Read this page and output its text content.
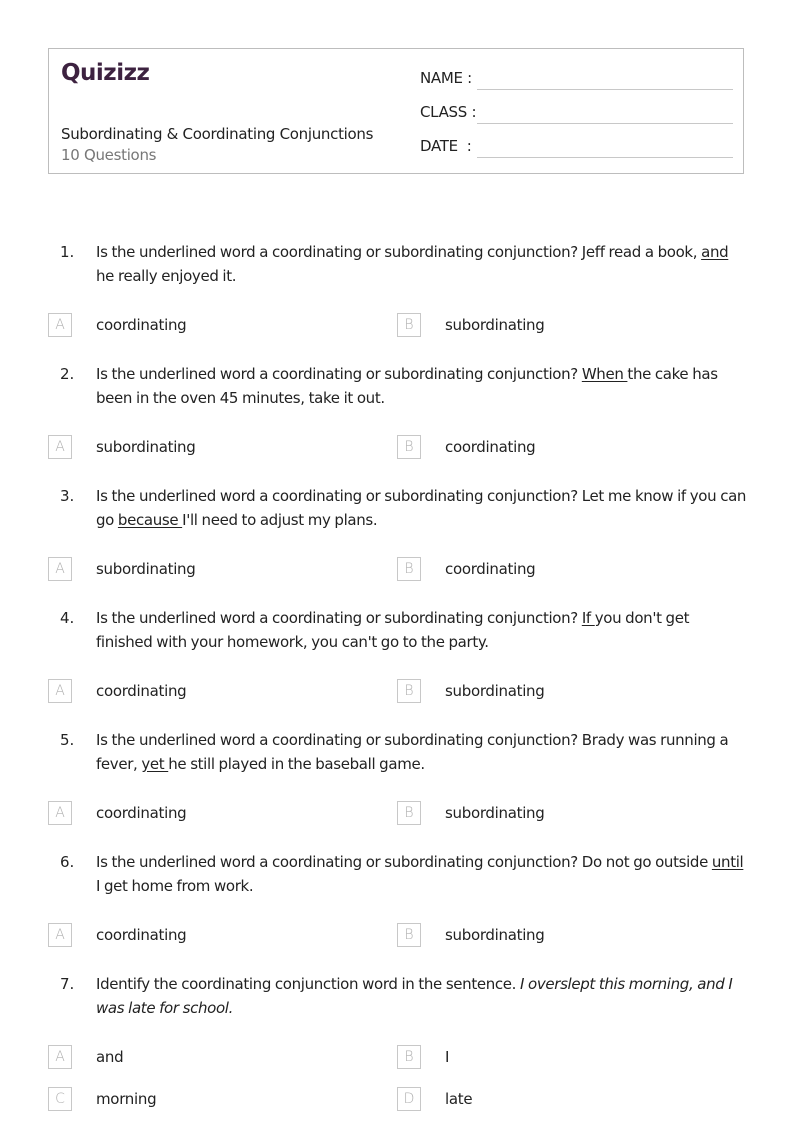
Quizizz
Subordinating & Coordinating Conjunctions
10 Questions
NAME :
CLASS :
DATE  :
1. Is the underlined word a coordinating or subordinating conjunction? Jeff read a book, and he really enjoyed it.
A	coordinating	B	subordinating
2. Is the underlined word a coordinating or subordinating conjunction? When the cake has been in the oven 45 minutes, take it out.
A	subordinating	B	coordinating
3. Is the underlined word a coordinating or subordinating conjunction? Let me know if you can go because I'll need to adjust my plans.
A	subordinating	B	coordinating
4. Is the underlined word a coordinating or subordinating conjunction? If you don't get finished with your homework, you can't go to the party.
A	coordinating	B	subordinating
5. Is the underlined word a coordinating or subordinating conjunction? Brady was running a fever, yet he still played in the baseball game.
A	coordinating	B	subordinating
6. Is the underlined word a coordinating or subordinating conjunction? Do not go outside until I get home from work.
A	coordinating	B	subordinating
7. Identify the coordinating conjunction word in the sentence. I overslept this morning, and I was late for school.
A	and	B	I
C	morning	D	late
